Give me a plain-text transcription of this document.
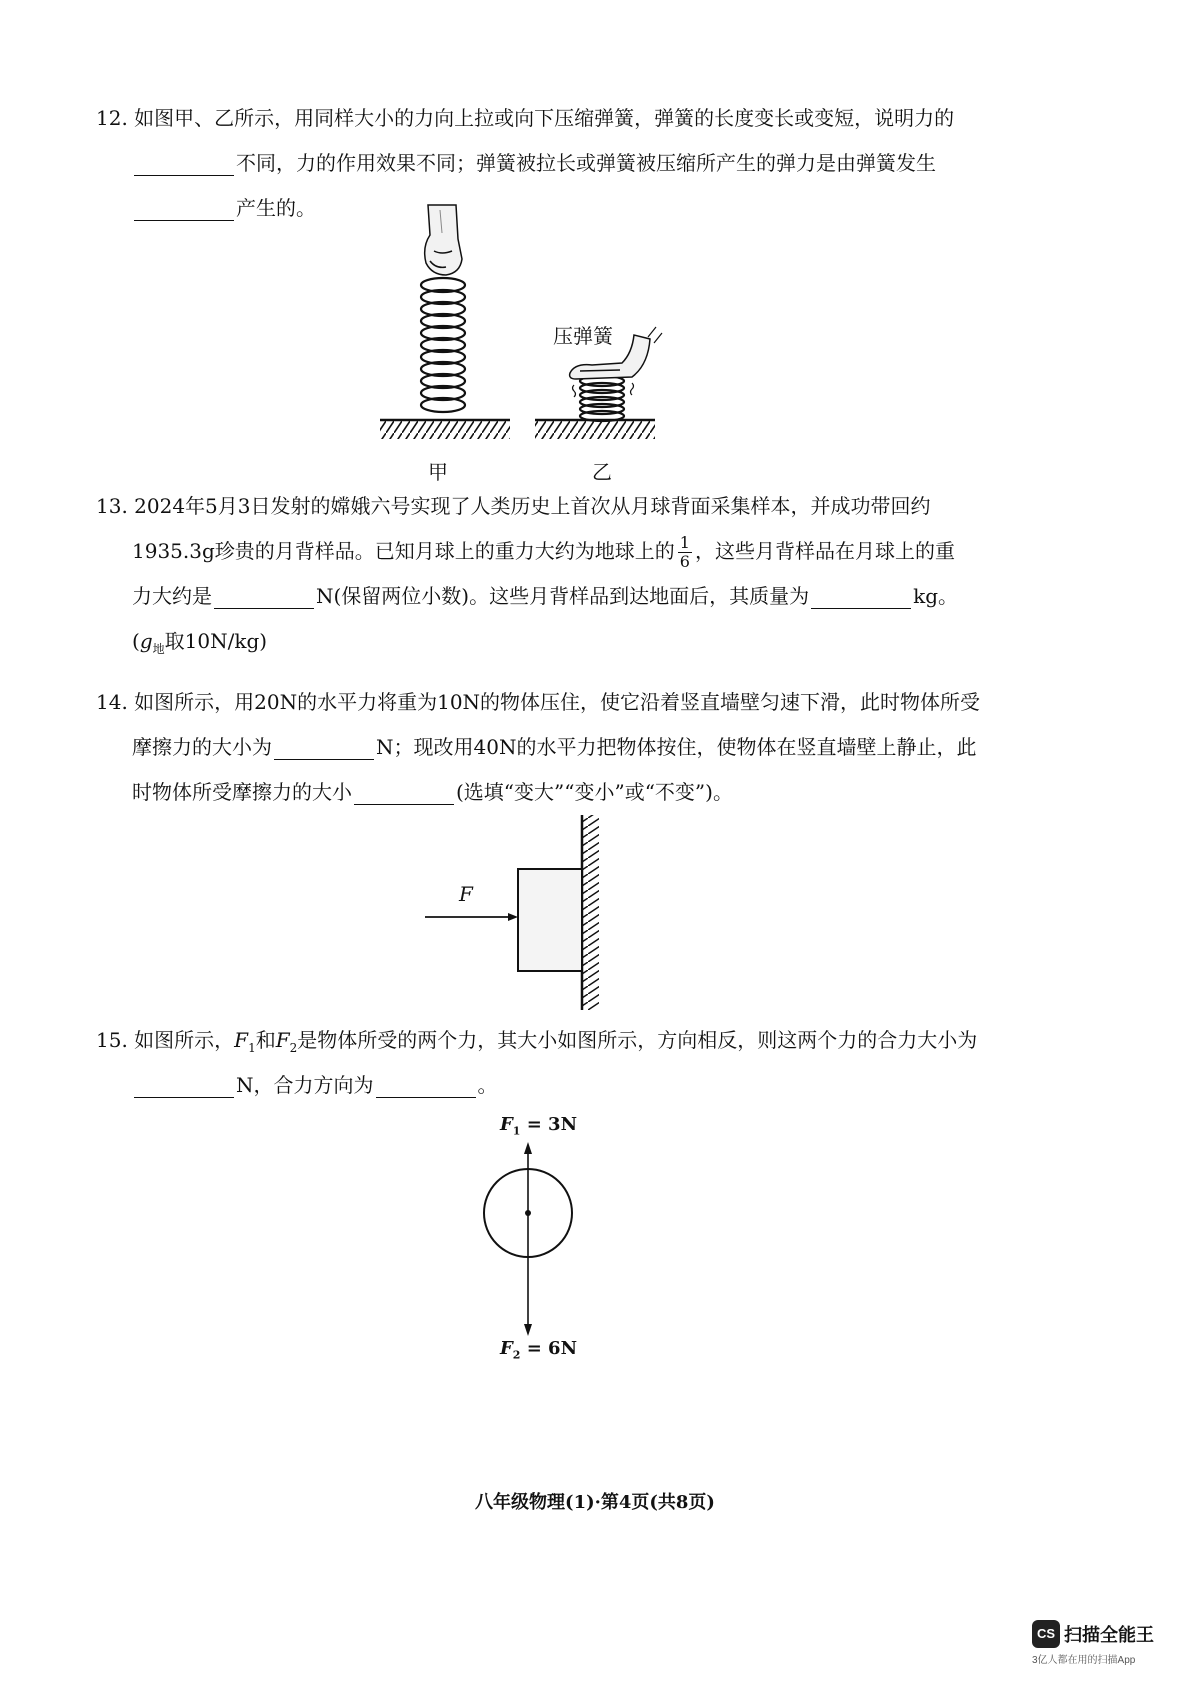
12. 如图甲、乙所示，用同样大小的力向上拉或向下压缩弹簧，弹簧的长度变长或变短，说明力的
不同，力的作用效果不同；弹簧被拉长或弹簧被压缩所产生的弹力是由弹簧发生
产生的。
压弹簧
甲	乙
13. 2024年5月3日发射的嫦娥六号实现了人类历史上首次从月球背面采集样本，并成功带回约
1935.3g珍贵的月背样品。已知月球上的重力大约为地球上的 $\frac{1}{6}$ ，这些月背样品在月球上的重
力大约是	N(保留两位小数)。这些月背样品到达地面后，其质量为	kg。
($g_地$取10N/kg)
14. 如图所示，用20N的水平力将重为10N的物体压住，使它沿着竖直墙壁匀速下滑，此时物体所受
摩擦力的大小为	N；现改用40N的水平力把物体按住，使物体在竖直墙壁上静止，此
时物体所受摩擦力的大小	(选填“变大”“变小”或“不变”)。
F
15. 如图所示，$F_1$和$F_2$是物体所受的两个力，其大小如图所示，方向相反，则这两个力的合力大小为
N，合力方向为	。
$F_1 = 3N$
$F_2 = 6N$
八年级物理(1)·第4页(共8页)
CS 扫描全能王
3亿人都在用的扫描App
